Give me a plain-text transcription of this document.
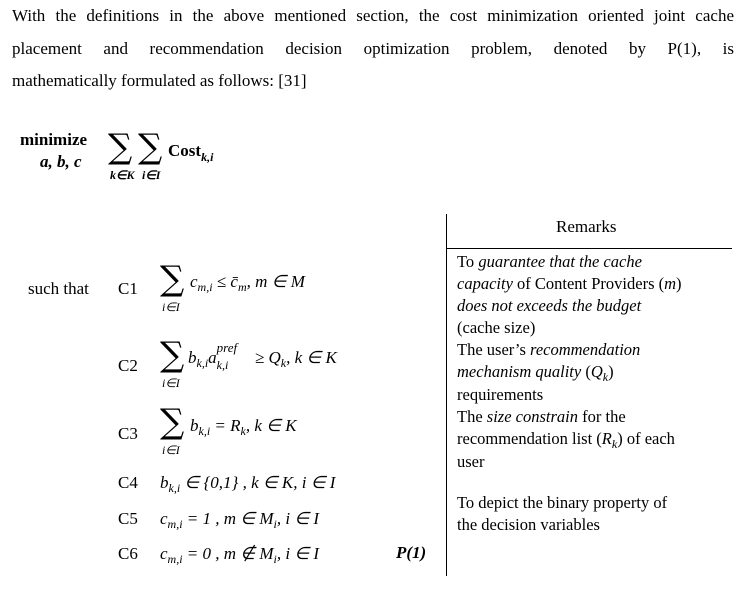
With the definitions in the above mentioned section, the cost minimization oriented joint cache
placement and recommendation decision optimization problem, denoted by P(1), is
mathematically formulated as follows: [31]
minimize
a, b, c ∑ ∑
k∈K i∈I
Cost$_{k,i}$
Remarks
such that C1 ∑
i∈I
$c_{m,i}$ ≤ $c̄_m$, m ∈ M
C2 ∑
i∈I
$b_{k,i}a$
pref
$k,i \ge Q_k$, k ∈ K
C3 ∑
i∈I
$b_{k,i} = R_k$, k ∈ K
C4 $b_{k,i}$ ∈ {0,1} , k ∈ K, i ∈ I
C5 $c_{m,i} = 1$ , m ∈ $M_i$, i ∈ I
C6 $c_{m,i} = 0$ , m ∉ $M_i$, i ∈ I	P(1)
To guarantee that the cache
capacity of Content Providers (m)
does not exceeds the budget
(cache size)
The user’s recommendation
mechanism quality $(Q_k)$
requirements
The size constrain for the
recommendation list $(R_k)$ of each
user
To depict the binary property of
the decision variables
